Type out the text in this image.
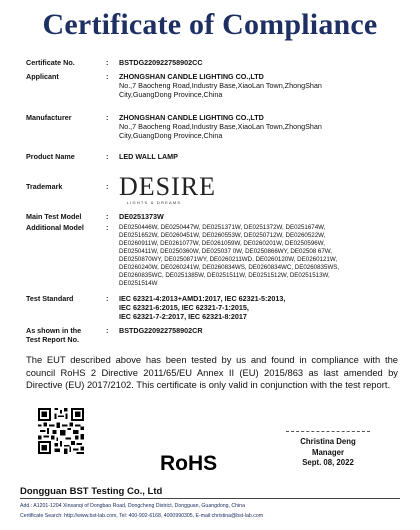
Certificate of Compliance
Certificate No.	: BSTDG220922758902CC
Applicant	: ZHONGSHAN CANDLE LIGHTING CO.,LTD
No.,7 Baocheng Road,Industry Base,XiaoLan Town,ZhongShan
City,GuangDong Province,China
Manufacturer	: ZHONGSHAN CANDLE LIGHTING CO.,LTD
No.,7 Baocheng Road,Industry Base,XiaoLan Town,ZhongShan
City,GuangDong Province,China
Product Name	: LED WALL LAMP
Trademark	: DESIRE
LIGHTS & DREAMS
Main Test Model	: DE0251373W
Additional Model	: DE0250446W, DE0250447W, DE0251371W, DE0251372W, DE0251674W,
DE0251652W, DE0260451W, DE0260553W, DE0250712W, DE0260522W,
DE0260911W, DE0261077W, DE0261059W, DE0260201W, DE0250596W,
DE0250411W, DE0250360W, DE025037 0W, DE0250866WY, DE02508 67W,
DE0250870WY, DE0250871WY, DE0260211WD, DE0260120W, DE0260121W,
DE0260240W, DE0260241W, DE0260834WS, DE0260834WC, DE0260835WS,
DE0260835WC, DE0251385W, DE0251511W, DE0251512W, DE0251513W,
DE0251514W
Test Standard	: IEC 62321-4:2013+AMD1:2017, IEC 62321-5:2013,
IEC 62321-6:2015, IEC 62321-7-1:2015,
IEC 62321-7-2:2017, IEC 62321-8:2017
As shown in the
Test Report No.
: BSTDG220922758902CR
The EUT described above has been tested by us and found in compliance with the council RoHS 2 Directive 2011/65/EU Annex II (EU) 2015/863 as last amended by Directive (EU) 2017/2102. This certificate is only valid in conjunction with the test report.
RoHS
Christina Deng
Manager
Sept. 08, 2022
Dongguan BST Testing Co., Ltd
Add.: A1201-1204 Xinsanqi of Dongbao Road, Dongcheng District, Dongguan, Guangdong, China
Certificate Search: http://www.bst-lab.com, Tel: 400-992-6168, 4000990305, E-mail:christina@bst-lab.com
